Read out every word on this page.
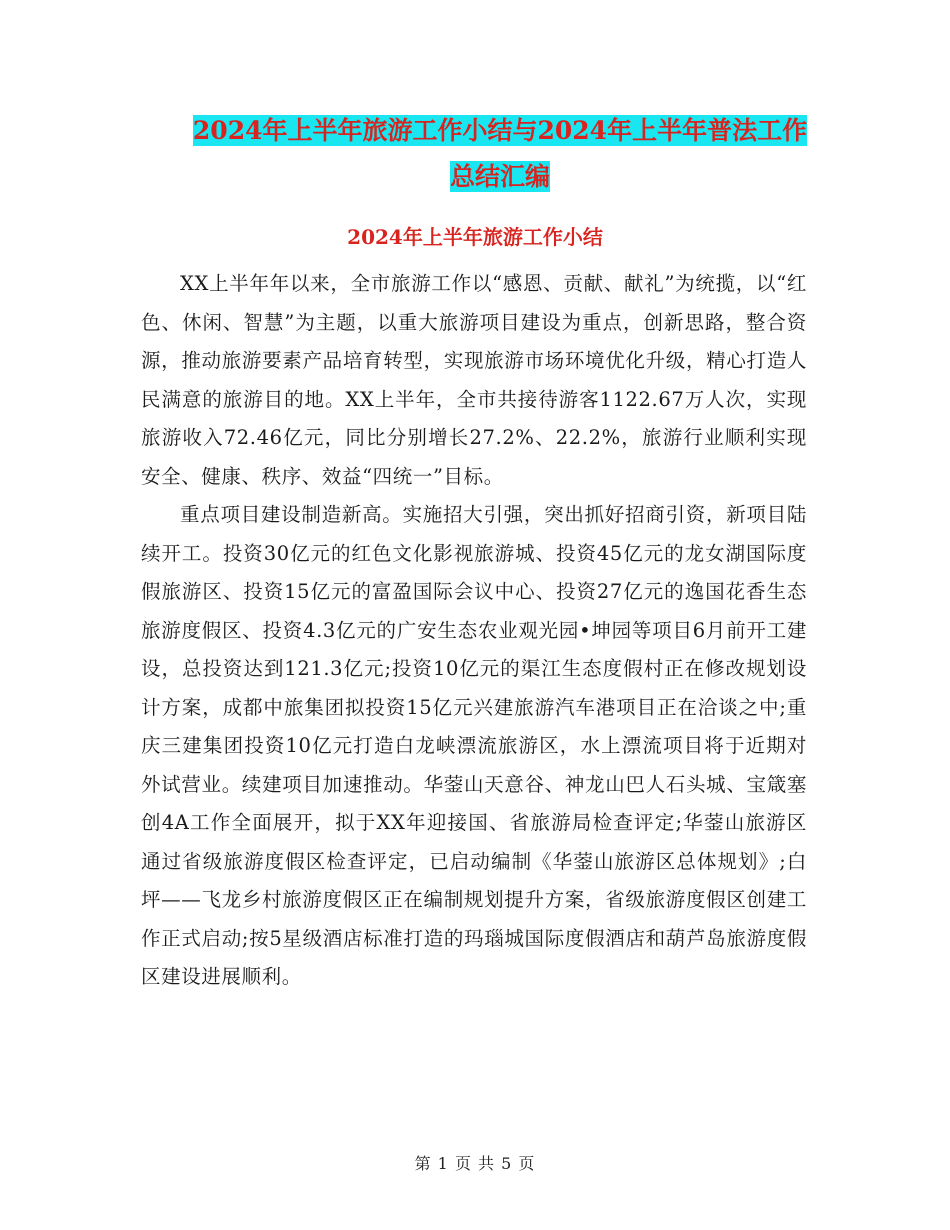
2024年上半年旅游工作小结与2024年上半年普法工作
总结汇编
2024年上半年旅游工作小结

XX上半年年以来，全市旅游工作以“感恩、贡献、献礼”为统揽，以“红色、休闲、智慧”为主题，以重大旅游项目建设为重点，创新思路，整合资源，推动旅游要素产品培育转型，实现旅游市场环境优化升级，精心打造人民满意的旅游目的地。XX上半年，全市共接待游客1122.67万人次，实现旅游收入72.46亿元，同比分别增长27.2%、22.2%，旅游行业顺利实现安全、健康、秩序、效益“四统一”目标。

重点项目建设制造新高。实施招大引强，突出抓好招商引资，新项目陆续开工。投资30亿元的红色文化影视旅游城、投资45亿元的龙女湖国际度假旅游区、投资15亿元的富盈国际会议中心、投资27亿元的逸国花香生态旅游度假区、投资4.3亿元的广安生态农业观光园•坤园等项目6月前开工建设，总投资达到121.3亿元;投资10亿元的渠江生态度假村正在修改规划设计方案，成都中旅集团拟投资15亿元兴建旅游汽车港项目正在洽谈之中;重庆三建集团投资10亿元打造白龙峡漂流旅游区，水上漂流项目将于近期对外试营业。续建项目加速推动。华蓥山天意谷、神龙山巴人石头城、宝箴塞创4A工作全面展开，拟于XX年迎接国、省旅游局检查评定;华蓥山旅游区通过省级旅游度假区检查评定，已启动编制《华蓥山旅游区总体规划》;白坪——飞龙乡村旅游度假区正在编制规划提升方案，省级旅游度假区创建工作正式启动;按5星级酒店标准打造的玛瑙城国际度假酒店和葫芦岛旅游度假区建设进展顺利。

第 1 页 共 5 页
